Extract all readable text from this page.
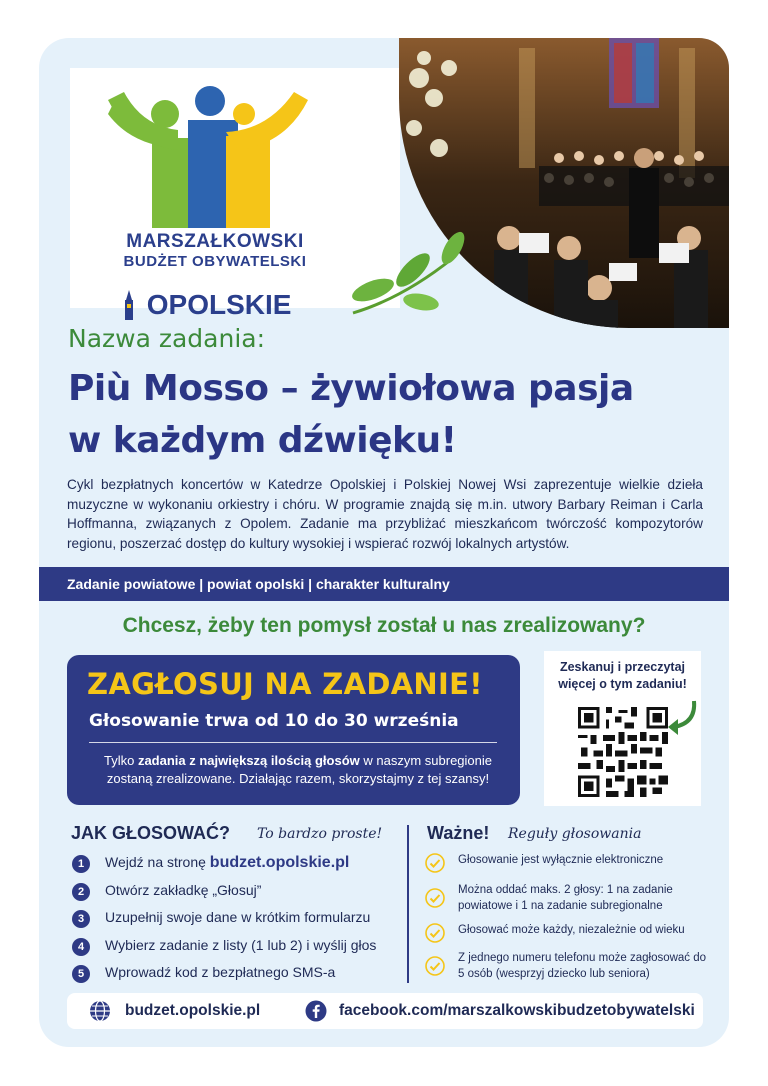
MARSZAŁKOWSKI
BUDŻET OBYWATELSKI
OPOLSKIE
Nazwa zadania:
Più Mosso – żywiołowa pasja
w każdym dźwięku!
Cykl bezpłatnych koncertów w Katedrze Opolskiej i Polskiej Nowej Wsi zaprezentuje wielkie dzieła muzyczne w wykonaniu orkiestry i chóru. W programie znajdą się m.in. utwory Barbary Reiman i Carla Hoffmanna, związanych z Opolem. Zadanie ma przybliżać mieszkańcom twórczość kompozytorów regionu, poszerzać dostęp do kultury wysokiej i wspierać rozwój lokalnych artystów.
Zadanie powiatowe | powiat opolski | charakter kulturalny
Chcesz, żeby ten pomysł został u nas zrealizowany?
ZAGŁOSUJ NA ZADANIE!
Głosowanie trwa od 10 do 30 września
Tylko zadania z największą ilością głosów w naszym subregionie zostaną zrealizowane. Działając razem, skorzystajmy z tej szansy!
Zeskanuj i przeczytaj
więcej o tym zadaniu!
JAK GŁOSOWAĆ? To bardzo proste!
1	Wejdź na stronę budzet.opolskie.pl
2	Otwórz zakładkę „Głosuj”
3	Uzupełnij swoje dane w krótkim formularzu
4	Wybierz zadanie z listy (1 lub 2) i wyślij głos
5	Wprowadź kod z bezpłatnego SMS-a
Ważne! Reguły głosowania
Głosowanie jest wyłącznie elektroniczne
Można oddać maks. 2 głosy: 1 na zadanie powiatowe i 1 na zadanie subregionalne
Głosować może każdy, niezależnie od wieku
Z jednego numeru telefonu może zagłosować do 5 osób (wesprzyj dziecko lub seniora)
budzet.opolskie.pl	facebook.com/marszalkowskibudzetobywatelski
